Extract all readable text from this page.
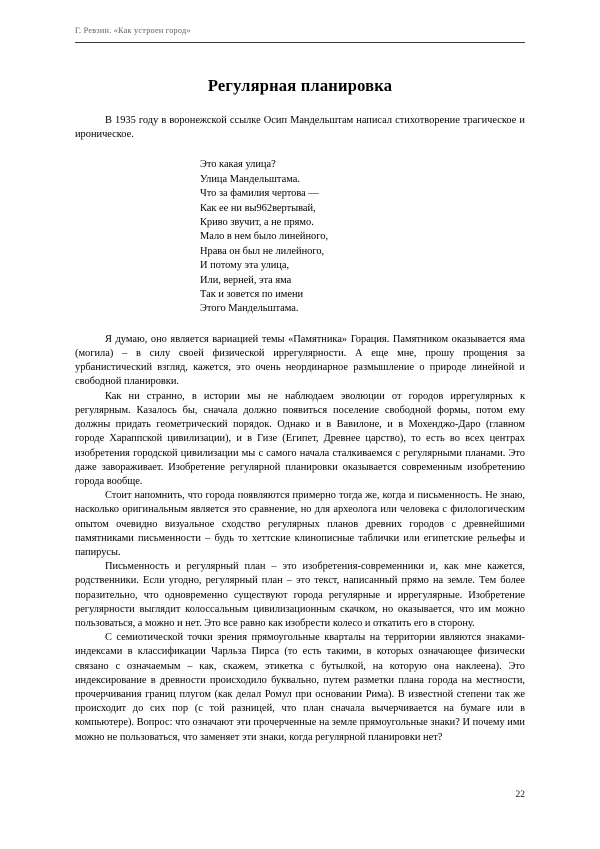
Г. Ревзин. «Как устроен город»
Регулярная планировка

В 1935 году в воронежской ссылке Осип Мандельштам написал стихотворение трагическое и ироническое.

Это какая улица?
Улица Мандельштама.
Что за фамилия чертова —
Как ее ни вы962вертывай,
Криво звучит, а не прямо.
Мало в нем было линейного,
Нрава он был не лилейного,
И потому эта улица,
Или, верней, эта яма
Так и зовется по имени
Этого Мандельштама.

Я думаю, оно является вариацией темы «Памятника» Горация. Памятником оказывается яма (могила) – в силу своей физической иррегулярности. А еще мне, прошу прощения за урбанистический взгляд, кажется, это очень неординарное размышление о природе линейной и свободной планировки.

Как ни странно, в истории мы не наблюдаем эволюции от городов иррегулярных к регулярным. Казалось бы, сначала должно появиться поселение свободной формы, потом ему должны придать геометрический порядок. Однако и в Вавилоне, и в Мохенджо-Даро (главном городе Хараппской цивилизации), и в Гизе (Египет, Древнее царство), то есть во всех центрах изобретения городской цивилизации мы с самого начала сталкиваемся с регулярными планами. Это даже завораживает. Изобретение регулярной планировки оказывается современным изобретению города вообще.

Стоит напомнить, что города появляются примерно тогда же, когда и письменность. Не знаю, насколько оригинальным является это сравнение, но для археолога или человека с филологическим опытом очевидно визуальное сходство регулярных планов древних городов с древнейшими памятниками письменности – будь то хеттские клинописные таблички или египетские рельефы и папирусы.

Письменность и регулярный план – это изобретения-современники и, как мне кажется, родственники. Если угодно, регулярный план – это текст, написанный прямо на земле. Тем более поразительно, что одновременно существуют города регулярные и иррегулярные. Изобретение регулярности выглядит колоссальным цивилизационным скачком, но оказывается, что им можно пользоваться, а можно и нет. Это все равно как изобрести колесо и откатить его в сторону.

С семиотической точки зрения прямоугольные кварталы на территории являются знаками-индексами в классификации Чарльза Пирса (то есть такими, в которых означающее физически связано с означаемым – как, скажем, этикетка с бутылкой, на которую она наклеена). Это индексирование в древности происходило буквально, путем разметки плана города на местности, прочерчивания границ плугом (как делал Ромул при основании Рима). В известной степени так же происходит до сих пор (с той разницей, что план сначала вычерчивается на бумаге или в компьютере). Вопрос: что означают эти прочерченные на земле прямоугольные знаки? И почему ими можно не пользоваться, что заменяет эти знаки, когда регулярной планировки нет?

22
